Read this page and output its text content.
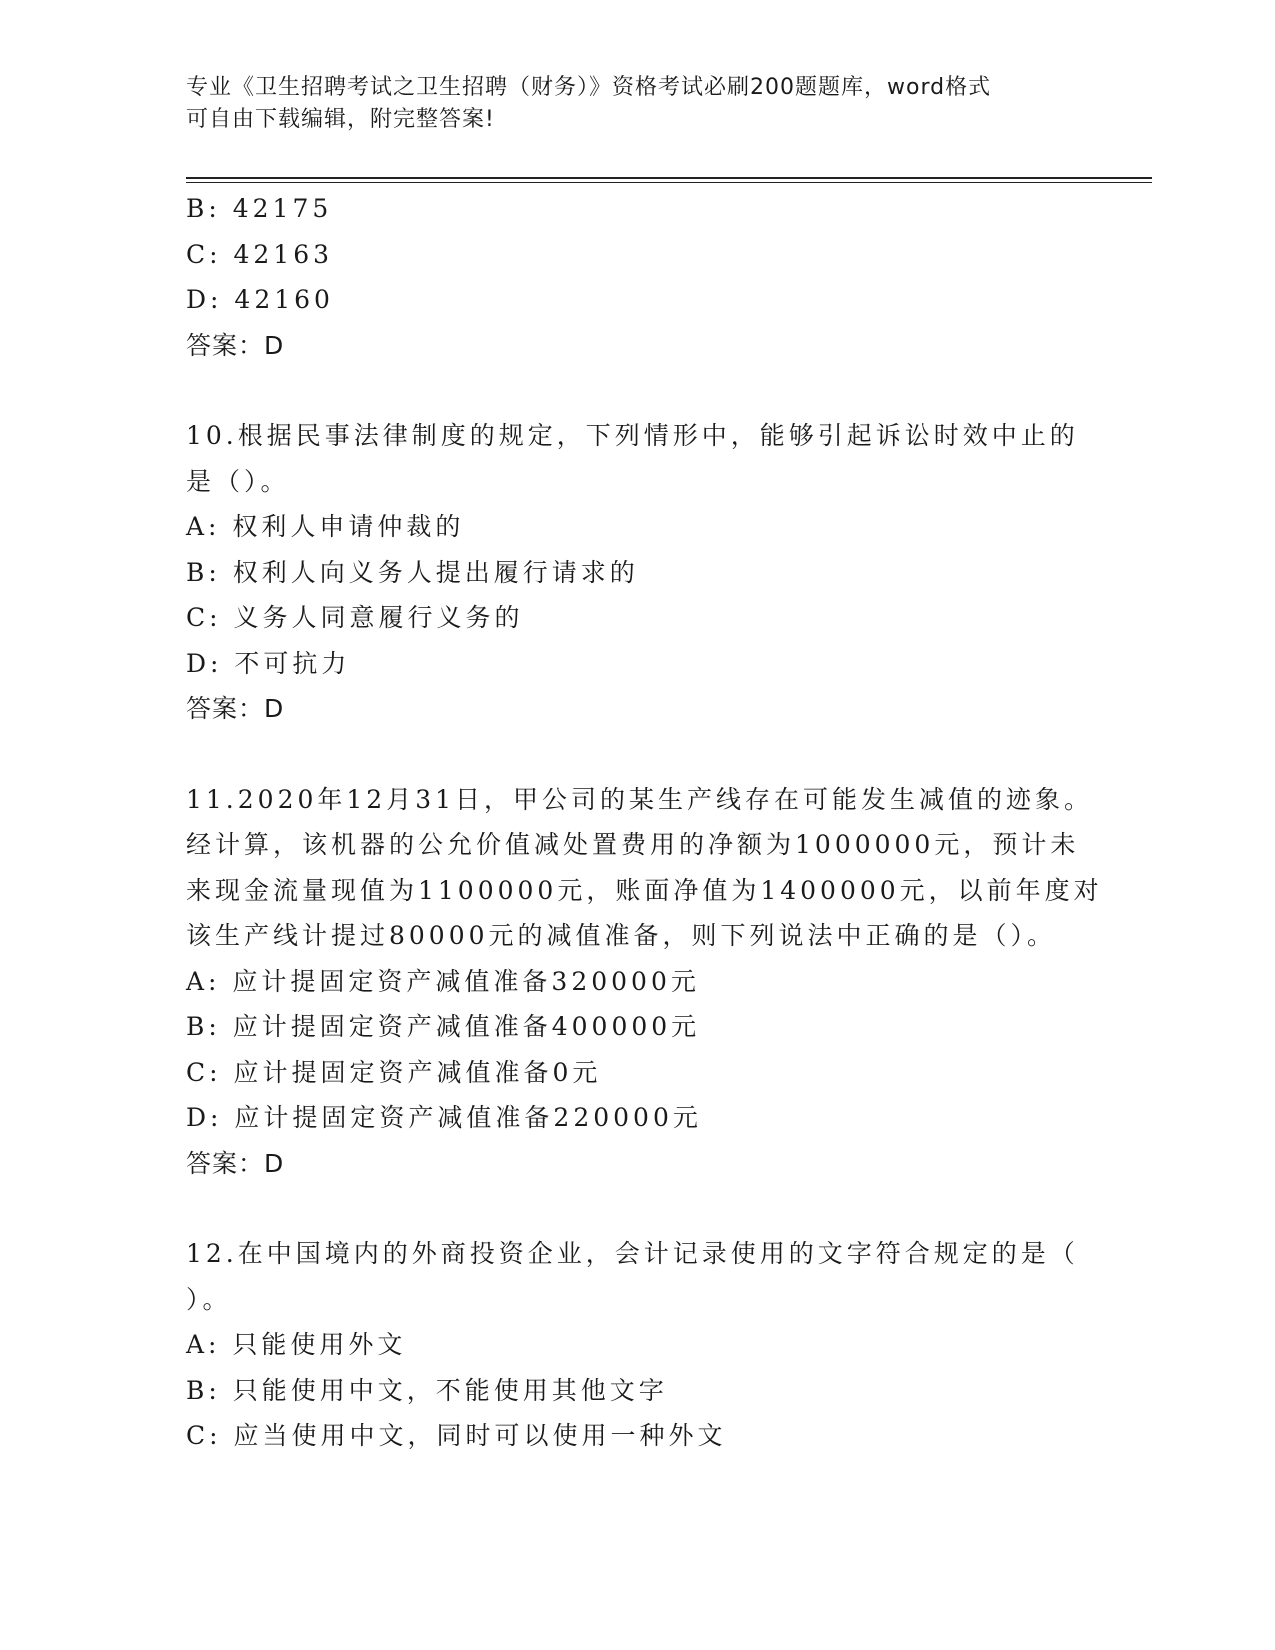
专业《卫生招聘考试之卫生招聘（财务）》资格考试必刷200题题库，word格式
可自由下载编辑，附完整答案!
B: 42175
C: 42163
D: 42160
答案：D
10.根据民事法律制度的规定，下列情形中，能够引起诉讼时效中止的
是（）。
A: 权利人申请仲裁的
B: 权利人向义务人提出履行请求的
C: 义务人同意履行义务的
D: 不可抗力
答案：D
11.2020年12月31日，甲公司的某生产线存在可能发生减值的迹象。
经计算，该机器的公允价值减处置费用的净额为1000000元，预计未
来现金流量现值为1100000元，账面净值为1400000元，以前年度对
该生产线计提过80000元的减值准备，则下列说法中正确的是（）。
A: 应计提固定资产减值准备320000元
B: 应计提固定资产减值准备400000元
C: 应计提固定资产减值准备0元
D: 应计提固定资产减值准备220000元
答案：D
12.在中国境内的外商投资企业，会计记录使用的文字符合规定的是（
）。
A: 只能使用外文
B: 只能使用中文，不能使用其他文字
C: 应当使用中文，同时可以使用一种外文
